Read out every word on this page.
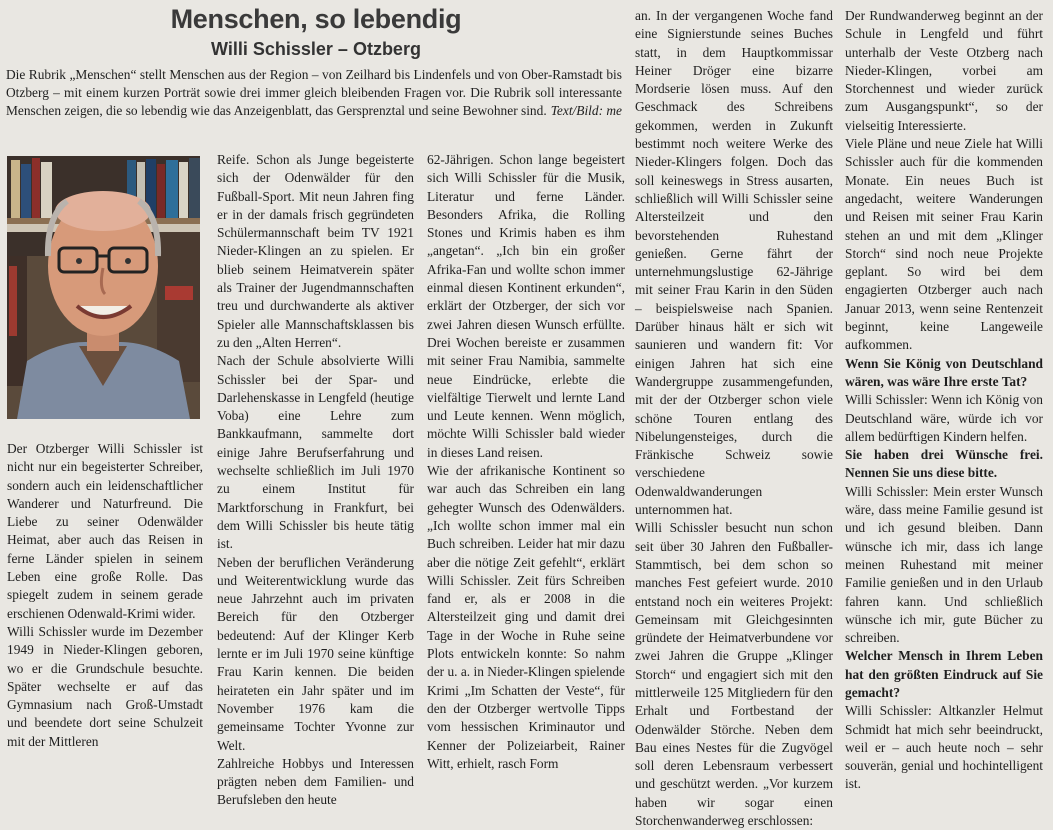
Menschen, so lebendig
Willi Schissler – Otzberg

Die Rubrik „Menschen“ stellt Menschen aus der Region – von Zeilhard bis Lindenfels und von Ober-Ramstadt bis Otzberg – mit einem kurzen Porträt sowie drei immer gleich bleibenden Fragen vor. Die Rubrik soll interessante Menschen zeigen, die so lebendig wie das Anzeigenblatt, das Gersprenztal und seine Bewohner sind. Text/Bild: me

Der Otzberger Willi Schissler ist nicht nur ein begeisterter Schreiber, sondern auch ein leidenschaftlicher Wanderer und Naturfreund. Die Liebe zu seiner Odenwälder Heimat, aber auch das Reisen in ferne Länder spielen in seinem Leben eine große Rolle. Das spiegelt zudem in seinem gerade erschienen Odenwald-Krimi wider.

Willi Schissler wurde im Dezember 1949 in Nieder-Klingen geboren, wo er die Grundschule besuchte. Später wechselte er auf das Gymnasium nach Groß-Umstadt und beendete dort seine Schulzeit mit der Mittleren

Reife. Schon als Junge begeisterte sich der Odenwälder für den Fußball-Sport. Mit neun Jahren fing er in der damals frisch gegründeten Schülermannschaft beim TV 1921 Nieder-Klingen an zu spielen. Er blieb seinem Heimatverein später als Trainer der Jugendmannschaften treu und durchwanderte als aktiver Spieler alle Mannschaftsklassen bis zu den „Alten Herren“.

Nach der Schule absolvierte Willi Schissler bei der Spar- und Darlehenskasse in Lengfeld (heutige Voba) eine Lehre zum Bankkaufmann, sammelte dort einige Jahre Berufserfahrung und wechselte schließlich im Juli 1970 zu einem Institut für Marktforschung in Frankfurt, bei dem Willi Schissler bis heute tätig ist.

Neben der beruflichen Veränderung und Weiterentwicklung wurde das neue Jahrzehnt auch im privaten Bereich für den Otzberger bedeutend: Auf der Klinger Kerb lernte er im Juli 1970 seine künftige Frau Karin kennen. Die beiden heirateten ein Jahr später und im November 1976 kam die gemeinsame Tochter Yvonne zur Welt.

Zahlreiche Hobbys und Interessen prägten neben dem Familien- und Berufsleben den heute

62-Jährigen. Schon lange begeistert sich Willi Schissler für die Musik, Literatur und ferne Länder. Besonders Afrika, die Rolling Stones und Krimis haben es ihm „angetan“. „Ich bin ein großer Afrika-Fan und wollte schon immer einmal diesen Kontinent erkunden“, erklärt der Otzberger, der sich vor zwei Jahren diesen Wunsch erfüllte. Drei Wochen bereiste er zusammen mit seiner Frau Namibia, sammelte neue Eindrücke, erlebte die vielfältige Tierwelt und lernte Land und Leute kennen. Wenn möglich, möchte Willi Schissler bald wieder in dieses Land reisen.

Wie der afrikanische Kontinent so war auch das Schreiben ein lang gehegter Wunsch des Odenwälders. „Ich wollte schon immer mal ein Buch schreiben. Leider hat mir dazu aber die nötige Zeit gefehlt“, erklärt Willi Schissler. Zeit fürs Schreiben fand er, als er 2008 in die Altersteilzeit ging und damit drei Tage in der Woche in Ruhe seine Plots entwickeln konnte: So nahm der u. a. in Nieder-Klingen spielende Krimi „Im Schatten der Veste“, für den der Otzberger wertvolle Tipps vom hessischen Kriminautor und Kenner der Polizeiarbeit, Rainer Witt, erhielt, rasch Form

an. In der vergangenen Woche fand eine Signierstunde seines Buches statt, in dem Hauptkommissar Heiner Dröger eine bizarre Mordserie lösen muss. Auf den Geschmack des Schreibens gekommen, werden in Zukunft bestimmt noch weitere Werke des Nieder-Klingers folgen. Doch das soll keineswegs in Stress ausarten, schließlich will Willi Schissler seine Altersteilzeit und den bevorstehenden Ruhestand genießen. Gerne fährt der unternehmungslustige 62-Jährige mit seiner Frau Karin in den Süden – beispielsweise nach Spanien. Darüber hinaus hält er sich wit saunieren und wandern fit: Vor einigen Jahren hat sich eine Wandergruppe zusammengefunden, mit der der Otzberger schon viele schöne Touren entlang des Nibelungensteiges, durch die Fränkische Schweiz sowie verschiedene Odenwaldwanderungen unternommen hat.

Willi Schissler besucht nun schon seit über 30 Jahren den Fußballer-Stammtisch, bei dem schon so manches Fest gefeiert wurde. 2010 entstand noch ein weiteres Projekt: Gemeinsam mit Gleichgesinnten gründete der Heimatverbundene vor zwei Jahren die Gruppe „Klinger Storch“ und engagiert sich mit den mittlerweile 125 Mitgliedern für den Erhalt und Fortbestand der Odenwälder Störche. Neben dem Bau eines Nestes für die Zugvögel soll deren Lebensraum verbessert und geschützt werden. „Vor kurzem haben wir sogar einen Storchenwanderweg erschlossen:

Der Rundwanderweg beginnt an der Schule in Lengfeld und führt unterhalb der Veste Otzberg nach Nieder-Klingen, vorbei am Storchennest und wieder zurück zum Ausgangspunkt“, so der vielseitig Interessierte.

Viele Pläne und neue Ziele hat Willi Schissler auch für die kommenden Monate. Ein neues Buch ist angedacht, weitere Wanderungen und Reisen mit seiner Frau Karin stehen an und mit dem „Klinger Storch“ sind noch neue Projekte geplant. So wird bei dem engagierten Otzberger auch nach Januar 2013, wenn seine Rentenzeit beginnt, keine Langeweile aufkommen.

Wenn Sie König von Deutschland wären, was wäre Ihre erste Tat?

Willi Schissler: Wenn ich König von Deutschland wäre, würde ich vor allem bedürftigen Kindern helfen.

Sie haben drei Wünsche frei. Nennen Sie uns diese bitte.

Willi Schissler: Mein erster Wunsch wäre, dass meine Familie gesund ist und ich gesund bleiben. Dann wünsche ich mir, dass ich lange meinen Ruhestand mit meiner Familie genießen und in den Urlaub fahren kann. Und schließlich wünsche ich mir, gute Bücher zu schreiben.

Welcher Mensch in Ihrem Leben hat den größten Eindruck auf Sie gemacht?

Willi Schissler: Altkanzler Helmut Schmidt hat mich sehr beeindruckt, weil er – auch heute noch – sehr souverän, genial und hochintelligent ist.
